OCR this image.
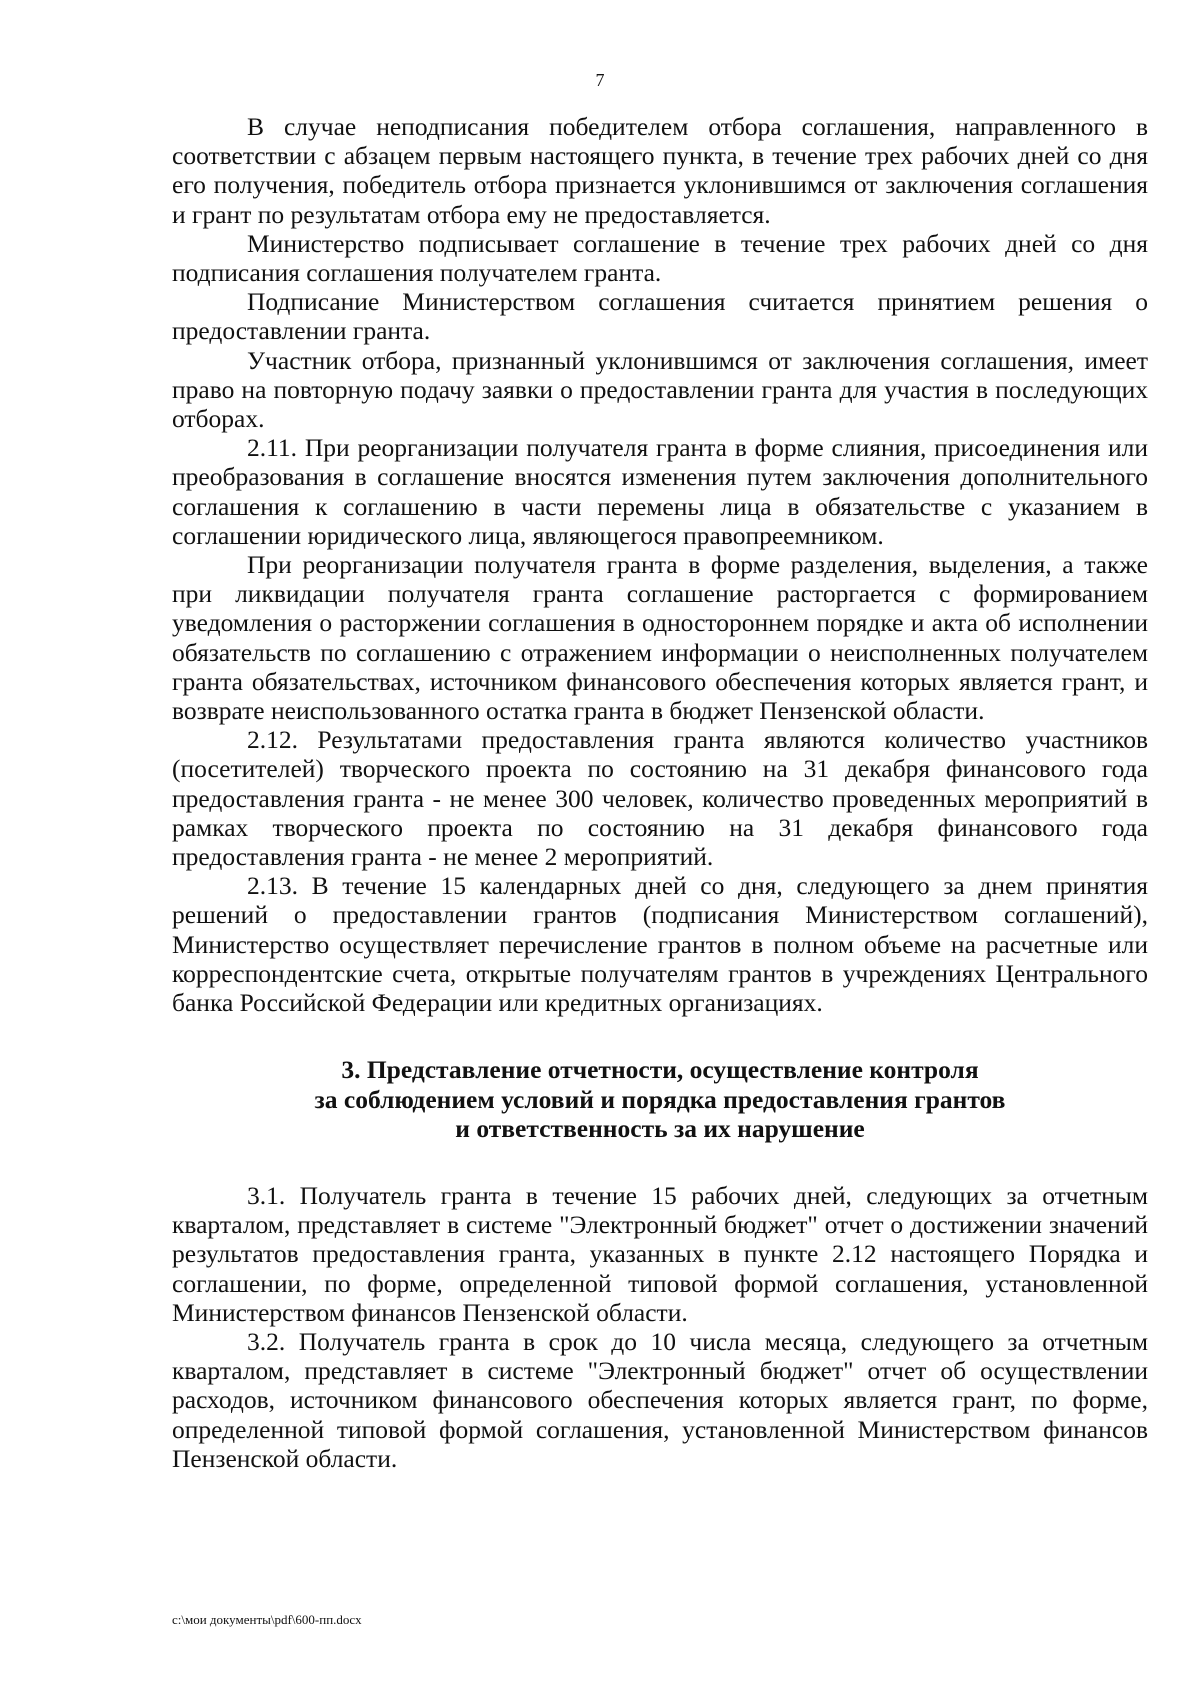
7

В случае неподписания победителем отбора соглашения, направленного в соответствии с абзацем первым настоящего пункта, в течение трех рабочих дней со дня его получения, победитель отбора признается уклонившимся от заключения соглашения и грант по результатам отбора ему не предоставляется.

Министерство подписывает соглашение в течение трех рабочих дней со дня подписания соглашения получателем гранта.

Подписание Министерством соглашения считается принятием решения о предоставлении гранта.

Участник отбора, признанный уклонившимся от заключения соглашения, имеет право на повторную подачу заявки о предоставлении гранта для участия в последующих отборах.

2.11. При реорганизации получателя гранта в форме слияния, присоединения или преобразования в соглашение вносятся изменения путем заключения дополнительного соглашения к соглашению в части перемены лица в обязательстве с указанием в соглашении юридического лица, являющегося правопреемником.

При реорганизации получателя гранта в форме разделения, выделения, а также при ликвидации получателя гранта соглашение расторгается с формированием уведомления о расторжении соглашения в одностороннем порядке и акта об исполнении обязательств по соглашению с отражением информации о неисполненных получателем гранта обязательствах, источником финансового обеспечения которых является грант, и возврате неиспользованного остатка гранта в бюджет Пензенской области.

2.12. Результатами предоставления гранта являются количество участников (посетителей) творческого проекта по состоянию на 31 декабря финансового года предоставления гранта - не менее 300 человек, количество проведенных мероприятий в рамках творческого проекта по состоянию на 31 декабря финансового года предоставления гранта - не менее 2 мероприятий.

2.13. В течение 15 календарных дней со дня, следующего за днем принятия решений о предоставлении грантов (подписания Министерством соглашений), Министерство осуществляет перечисление грантов в полном объеме на расчетные или корреспондентские счета, открытые получателям грантов в учреждениях Центрального банка Российской Федерации или кредитных организациях.

3. Представление отчетности, осуществление контроля
за соблюдением условий и порядка предоставления грантов
и ответственность за их нарушение

3.1. Получатель гранта в течение 15 рабочих дней, следующих за отчетным кварталом, представляет в системе "Электронный бюджет" отчет о достижении значений результатов предоставления гранта, указанных в пункте 2.12 настоящего Порядка и соглашении, по форме, определенной типовой формой соглашения, установленной Министерством финансов Пензенской области.

3.2. Получатель гранта в срок до 10 числа месяца, следующего за отчетным кварталом, представляет в системе "Электронный бюджет" отчет об осуществлении расходов, источником финансового обеспечения которых является грант, по форме, определенной типовой формой соглашения, установленной Министерством финансов Пензенской области.

c:\мои документы\pdf\600-пп.docx
